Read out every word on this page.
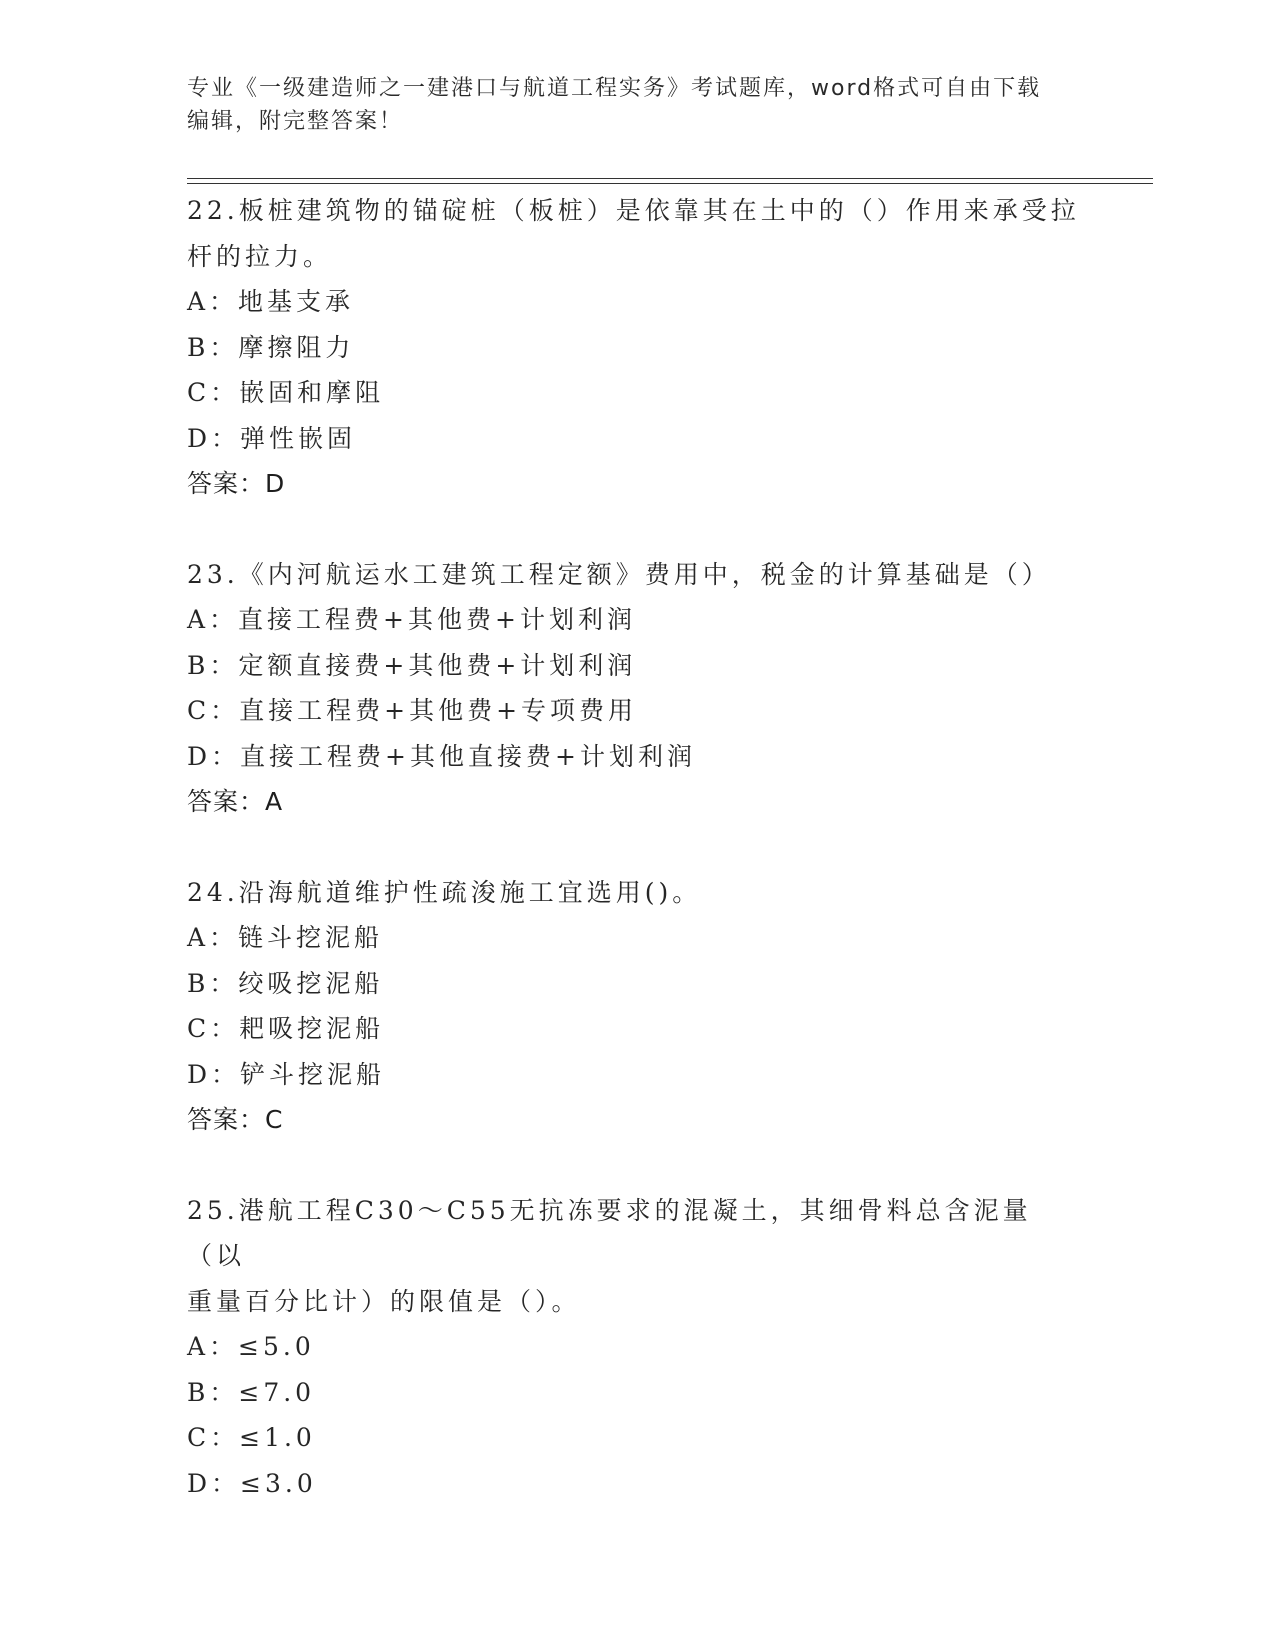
专业《一级建造师之一建港口与航道工程实务》考试题库，word格式可自由下载
编辑，附完整答案！
22.板桩建筑物的锚碇桩（板桩）是依靠其在土中的（）作用来承受拉
杆的拉力。
A：地基支承
B：摩擦阻力
C：嵌固和摩阻
D：弹性嵌固
答案：D
23.《内河航运水工建筑工程定额》费用中，税金的计算基础是（）
A：直接工程费+其他费+计划利润
B：定额直接费+其他费+计划利润
C：直接工程费+其他费+专项费用
D：直接工程费+其他直接费+计划利润
答案：A
24.沿海航道维护性疏浚施工宜选用()。
A：链斗挖泥船
B：绞吸挖泥船
C：耙吸挖泥船
D：铲斗挖泥船
答案：C
25.港航工程C30～C55无抗冻要求的混凝土，其细骨料总含泥量（以
重量百分比计）的限值是（）。
A：≤5.0
B：≤7.0
C：≤1.0
D：≤3.0
